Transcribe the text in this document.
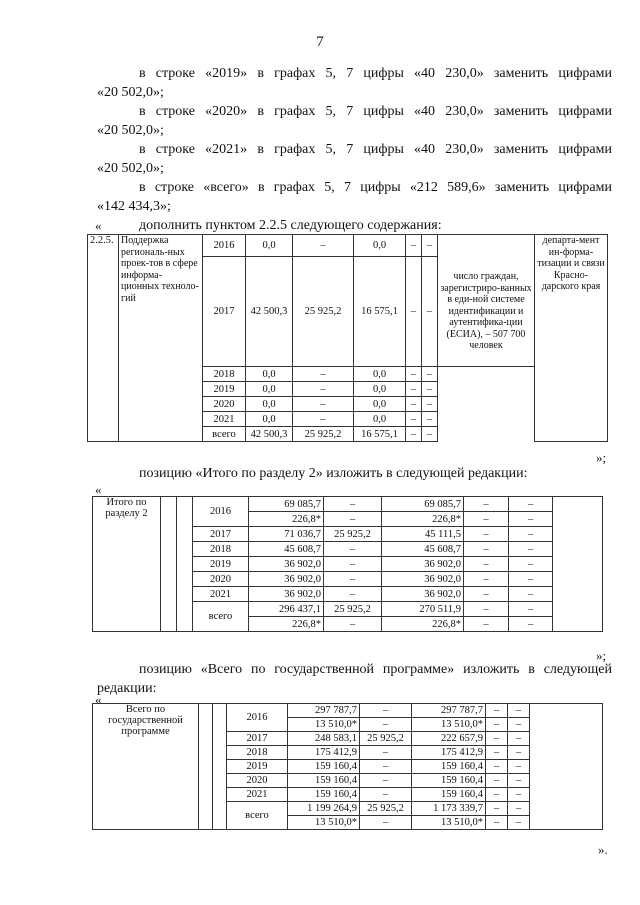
7
в строке «2019» в графах 5, 7 цифры «40 230,0» заменить цифрами
«20 502,0»;
в строке «2020» в графах 5, 7 цифры «40 230,0» заменить цифрами
«20 502,0»;
в строке «2021» в графах 5, 7 цифры «40 230,0» заменить цифрами
«20 502,0»;
в строке «всего» в графах 5, 7 цифры «212 589,6» заменить цифрами
«142 434,3»;
дополнить пунктом 2.2.5 следующего содержания:
«
2.2.5.	Поддержка региональ-ных проек-тов в сфере информа-ционных техноло-гий	2016	0,0	–	0,0	–	–		департа-мент ин-форма-тизации и связи Красно-дарского края
		2017	42 500,3	25 925,2	16 575,1	–	–	число граждан, зарегистриро-ванных в еди-ной системе идентификации и аутентифика-ции (ЕСИА), – 507 700 человек	
		2018	0,0	–	0,0	–	–		
		2019	0,0	–	0,0	–	–		
		2020	0,0	–	0,0	–	–		
		2021	0,0	–	0,0	–	–		
		всего	42 500,3	25 925,2	16 575,1	–	–		
»;
позицию «Итого по разделу 2» изложить в следующей редакции:
«
Итого по разделу 2			2016	69 085,7	–	69 085,7	–	–	
				226,8*	–	226,8*	–	–	
			2017	71 036,7	25 925,2	45 111,5	–	–	
			2018	45 608,7	–	45 608,7	–	–	
			2019	36 902,0	–	36 902,0	–	–	
			2020	36 902,0	–	36 902,0	–	–	
			2021	36 902,0	–	36 902,0	–	–	
			всего	296 437,1	25 925,2	270 511,9	–	–	
				226,8*	–	226,8*	–	–	
»;
позицию «Всего по государственной программе» изложить в следующей
редакции:
«
Всего по государственной программе			2016	297 787,7	–	297 787,7	–	–	
				13 510,0*	–	13 510,0*	–	–	
			2017	248 583,1	25 925,2	222 657,9	–	–	
			2018	175 412,9	–	175 412,9	–	–	
			2019	159 160,4	–	159 160,4	–	–	
			2020	159 160,4	–	159 160,4	–	–	
			2021	159 160,4	–	159 160,4	–	–	
			всего	1 199 264,9	25 925,2	1 173 339,7	–	–	
				13 510,0*	–	13 510,0*	–	–	
».
